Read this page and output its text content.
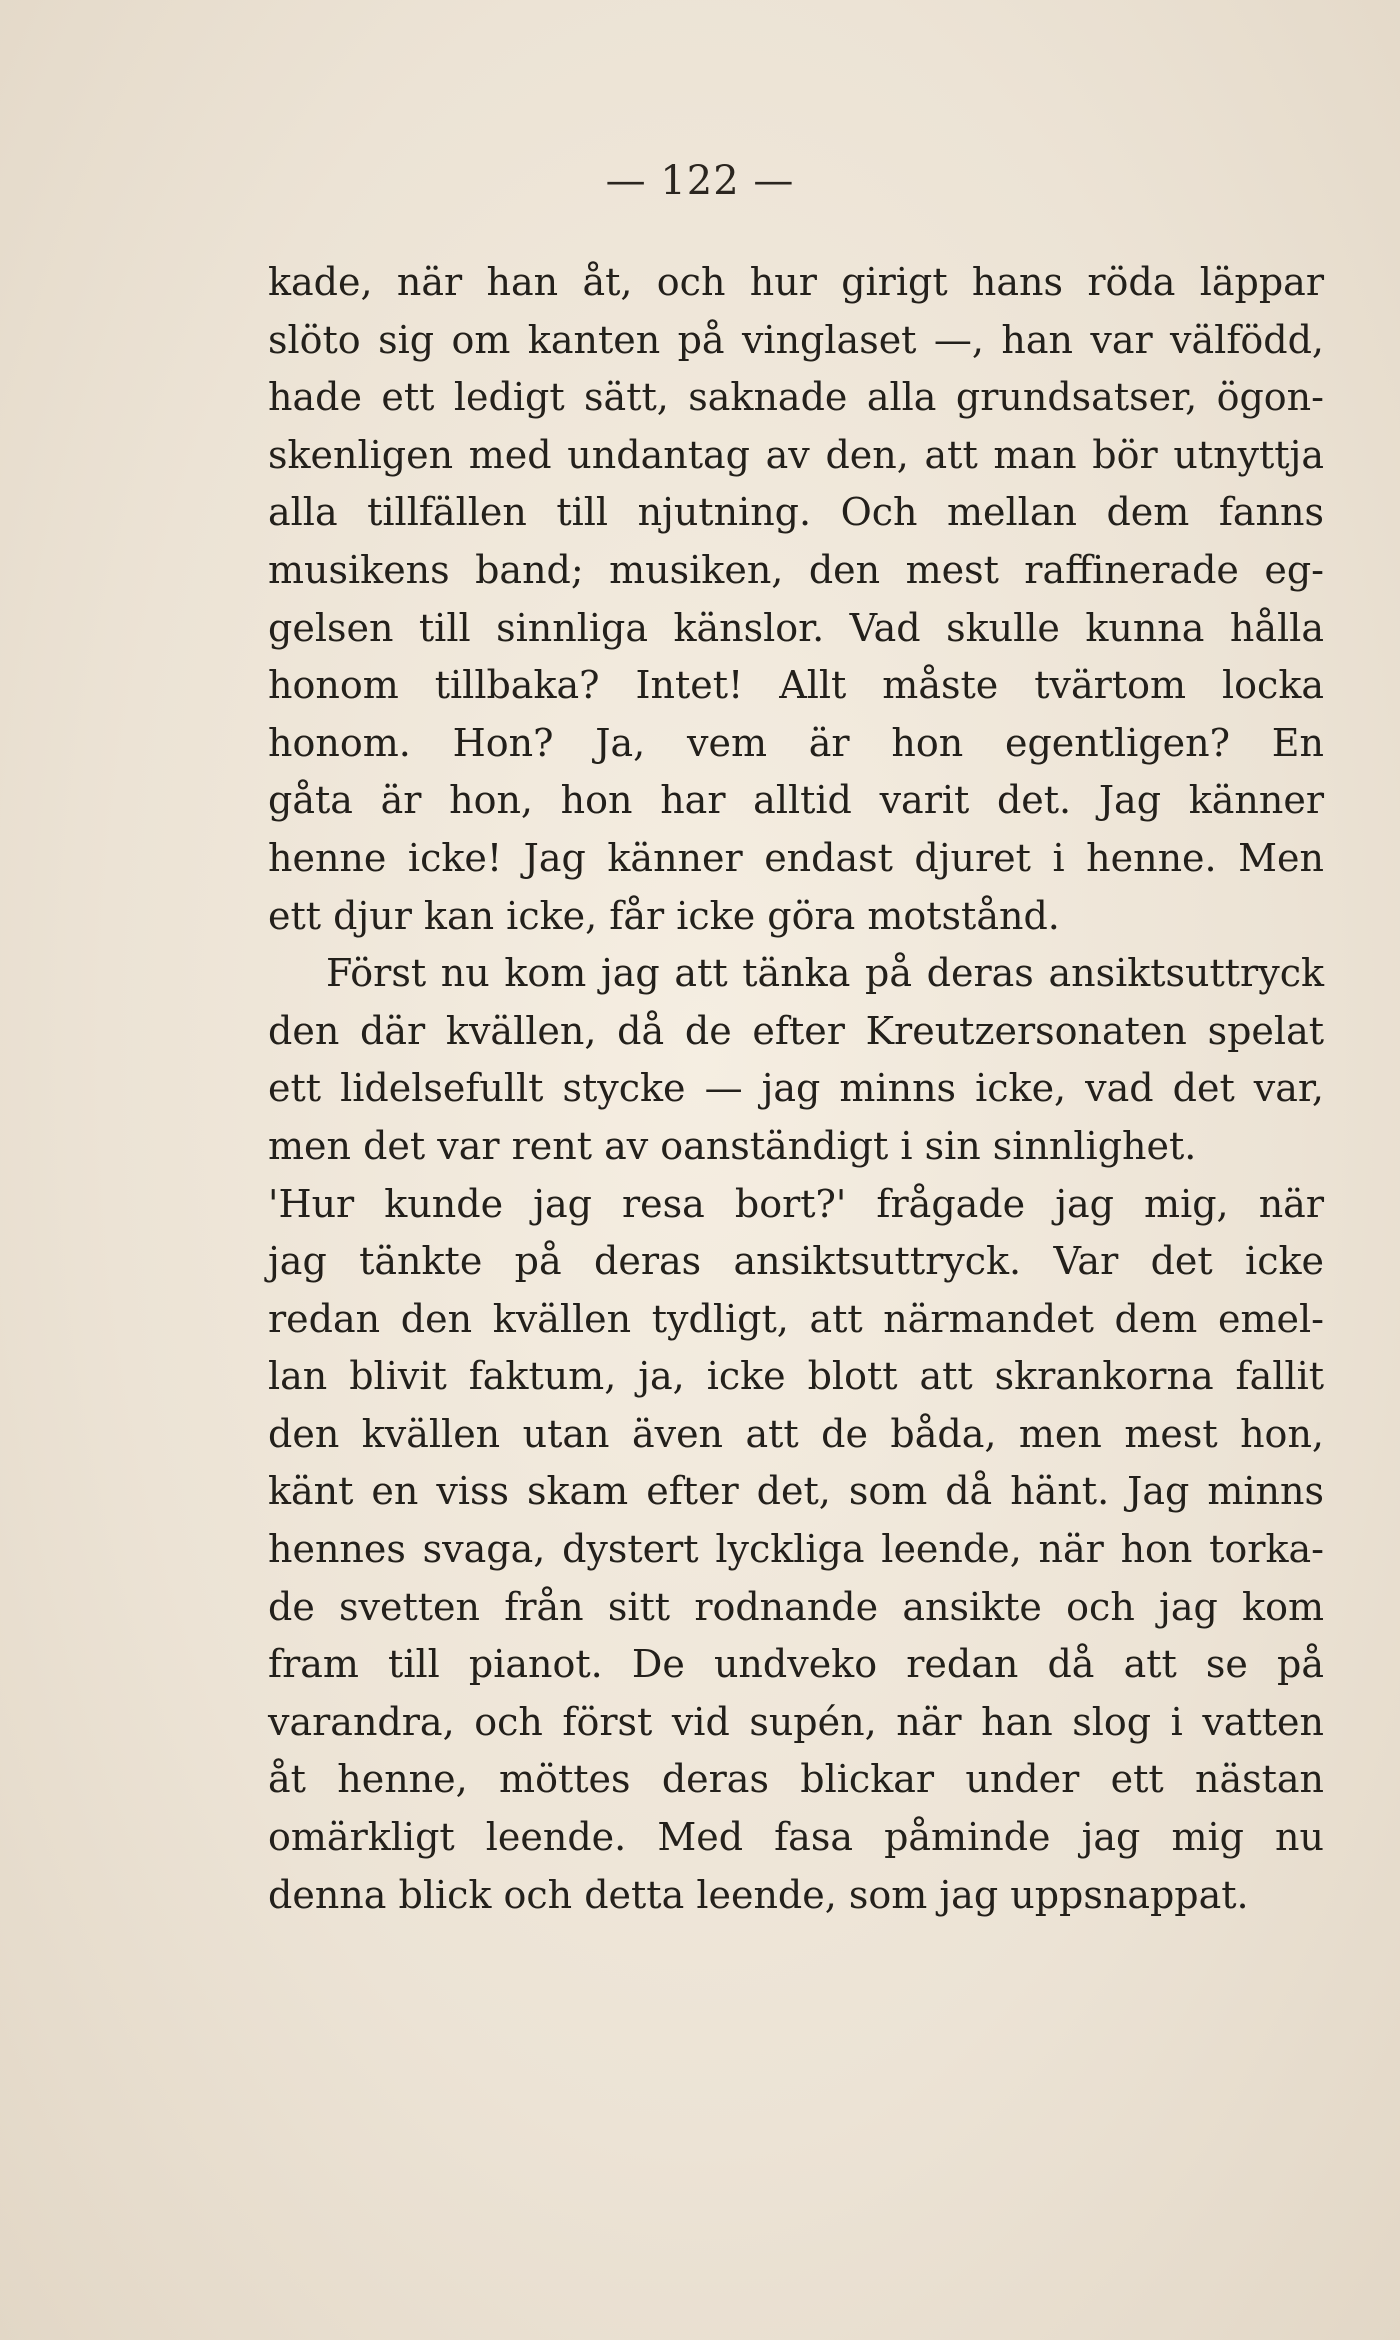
— 122 —
kade, när han åt, och hur girigt hans röda läppar
slöto sig om kanten på vinglaset —, han var välfödd,
hade ett ledigt sätt, saknade alla grundsatser, ögon-
skenligen med undantag av den, att man bör utnyttja
alla tillfällen till njutning. Och mellan dem fanns
musikens band; musiken, den mest raffinerade eg-
gelsen till sinnliga känslor. Vad skulle kunna hålla
honom tillbaka? Intet! Allt måste tvärtom locka
honom. Hon? Ja, vem är hon egentligen? En
gåta är hon, hon har alltid varit det. Jag känner
henne icke! Jag känner endast djuret i henne. Men
ett djur kan icke, får icke göra motstånd.
Först nu kom jag att tänka på deras ansiktsuttryck
den där kvällen, då de efter Kreutzersonaten spelat
ett lidelsefullt stycke — jag minns icke, vad det var,
men det var rent av oanständigt i sin sinnlighet.
'Hur kunde jag resa bort?' frågade jag mig, när
jag tänkte på deras ansiktsuttryck. Var det icke
redan den kvällen tydligt, att närmandet dem emel-
lan blivit faktum, ja, icke blott att skrankorna fallit
den kvällen utan även att de båda, men mest hon,
känt en viss skam efter det, som då hänt. Jag minns
hennes svaga, dystert lyckliga leende, när hon torka-
de svetten från sitt rodnande ansikte och jag kom
fram till pianot. De undveko redan då att se på
varandra, och först vid supén, när han slog i vatten
åt henne, möttes deras blickar under ett nästan
omärkligt leende. Med fasa påminde jag mig nu
denna blick och detta leende, som jag uppsnappat.
